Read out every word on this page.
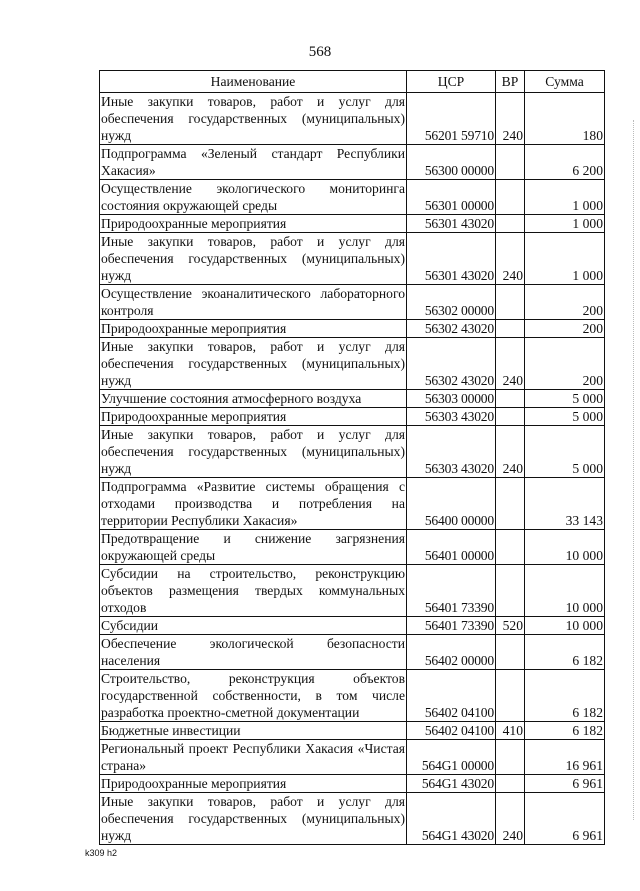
568
Наименование	ЦСР	ВР	Сумма
Иные закупки товаров, работ и услуг для обеспечения государственных (муниципальных) нужд	56201 59710	240	180
Подпрограмма «Зеленый стандарт Республики Хакасия»	56300 00000		6 200
Осуществление экологического мониторинга состояния окружающей среды	56301 00000		1 000
Природоохранные мероприятия	56301 43020		1 000
Иные закупки товаров, работ и услуг для обеспечения государственных (муниципальных) нужд	56301 43020	240	1 000
Осуществление экоаналитического лабораторного контроля	56302 00000		200
Природоохранные мероприятия	56302 43020		200
Иные закупки товаров, работ и услуг для обеспечения государственных (муниципальных) нужд	56302 43020	240	200
Улучшение состояния атмосферного воздуха	56303 00000		5 000
Природоохранные мероприятия	56303 43020		5 000
Иные закупки товаров, работ и услуг для обеспечения государственных (муниципальных) нужд	56303 43020	240	5 000
Подпрограмма «Развитие системы обращения с отходами производства и потребления на территории Республики Хакасия»	56400 00000		33 143
Предотвращение и снижение загрязнения окружающей среды	56401 00000		10 000
Субсидии на строительство, реконструкцию объектов размещения твердых коммунальных отходов	56401 73390		10 000
Субсидии	56401 73390	520	10 000
Обеспечение экологической безопасности населения	56402 00000		6 182
Строительство, реконструкция объектов государственной собственности, в том числе разработка проектно-сметной документации	56402 04100		6 182
Бюджетные инвестиции	56402 04100	410	6 182
Региональный проект Республики Хакасия «Чистая страна»	564G1 00000		16 961
Природоохранные мероприятия	564G1 43020		6 961
Иные закупки товаров, работ и услуг для обеспечения государственных (муниципальных) нужд	564G1 43020	240	6 961
k309 h2
